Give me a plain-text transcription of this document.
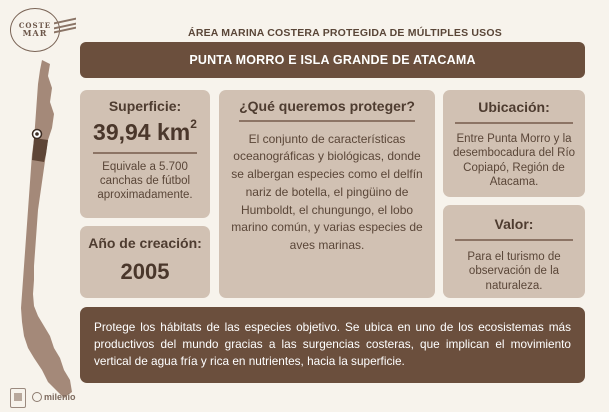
COSTE
MAR	ÁREA MARINA COSTERA PROTEGIDA DE MÚLTIPLES USOS
PUNTA MORRO E ISLA GRANDE DE ATACAMA
Superficie:
39,94 $km^2$

Equivale a 5.700 canchas de fútbol aproximadamente.

Año de creación:
2005
¿Qué queremos proteger?

El conjunto de características oceanográficas y biológicas, donde se albergan especies como el delfín nariz de botella, el pingüino de Humboldt, el chungungo, el lobo marino común, y varias especies de aves marinas.

Ubicación:

Entre Punta Morro y la desembocadura del Río Copiapó, Región de Atacama.

Valor:

Para el turismo de observación de la naturaleza.

Protege los hábitats de las especies objetivo. Se ubica en uno de los ecosistemas más productivos del mundo gracias a las surgencias costeras, que implican el movimiento vertical de agua fría y rica en nutrientes, hacia la superficie.
milenio
